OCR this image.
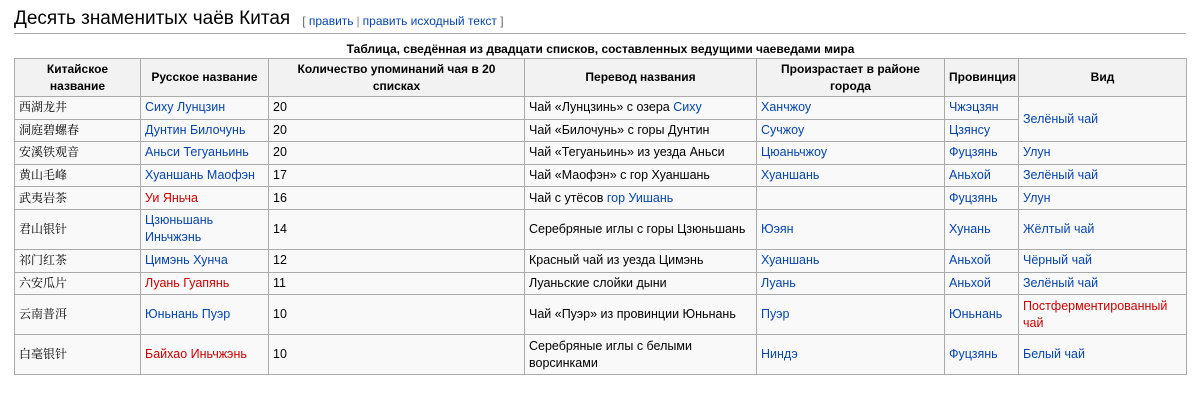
Десять знаменитых чаёв Китая [ править | править исходный текст ]
Таблица, сведённая из двадцати списков, составленных ведущими чаеведами мира
Китайское название	Русское название	Количество упоминаний чая в 20 списках	Перевод названия	Произрастает в районе города	Провинция	Вид
西湖龙井	Сиху Лунцзин	20	Чай «Лунцзинь» с озера Сиху	Ханчжоу	Чжэцзян	Зелёный чай
洞庭碧螺春	Дунтин Билочунь	20	Чай «Билочунь» с горы Дунтин	Сучжоу	Цзянсу	
安溪铁观音	Аньси Тегуаньинь	20	Чай «Тегуаньинь» из уезда Аньси	Цюаньчжоу	Фуцзянь	Улун
黄山毛峰	Хуаншань Маофэн	17	Чай «Маофэн» с гор Хуаншань	Хуаншань	Аньхой	Зелёный чай
武夷岩茶	Уи Яньча	16	Чай с утёсов гор Уишань		Фуцзянь	Улун
君山银针	Цзюньшань Иньчжэнь	14	Серебряные иглы с горы Цзюньшань	Юэян	Хунань	Жёлтый чай
祁门红茶	Цимэнь Хунча	12	Красный чай из уезда Цимэнь	Хуаншань	Аньхой	Чёрный чай
六安瓜片	Луань Гуапянь	11	Луаньские слойки дыни	Луань	Аньхой	Зелёный чай
云南普洱	Юньнань Пуэр	10	Чай «Пуэр» из провинции Юньнань	Пуэр	Юньнань	Постферментированный чай
白毫银针	Байхао Иньчжэнь	10	Серебряные иглы с белыми ворсинками	Ниндэ	Фуцзянь	Белый чай
